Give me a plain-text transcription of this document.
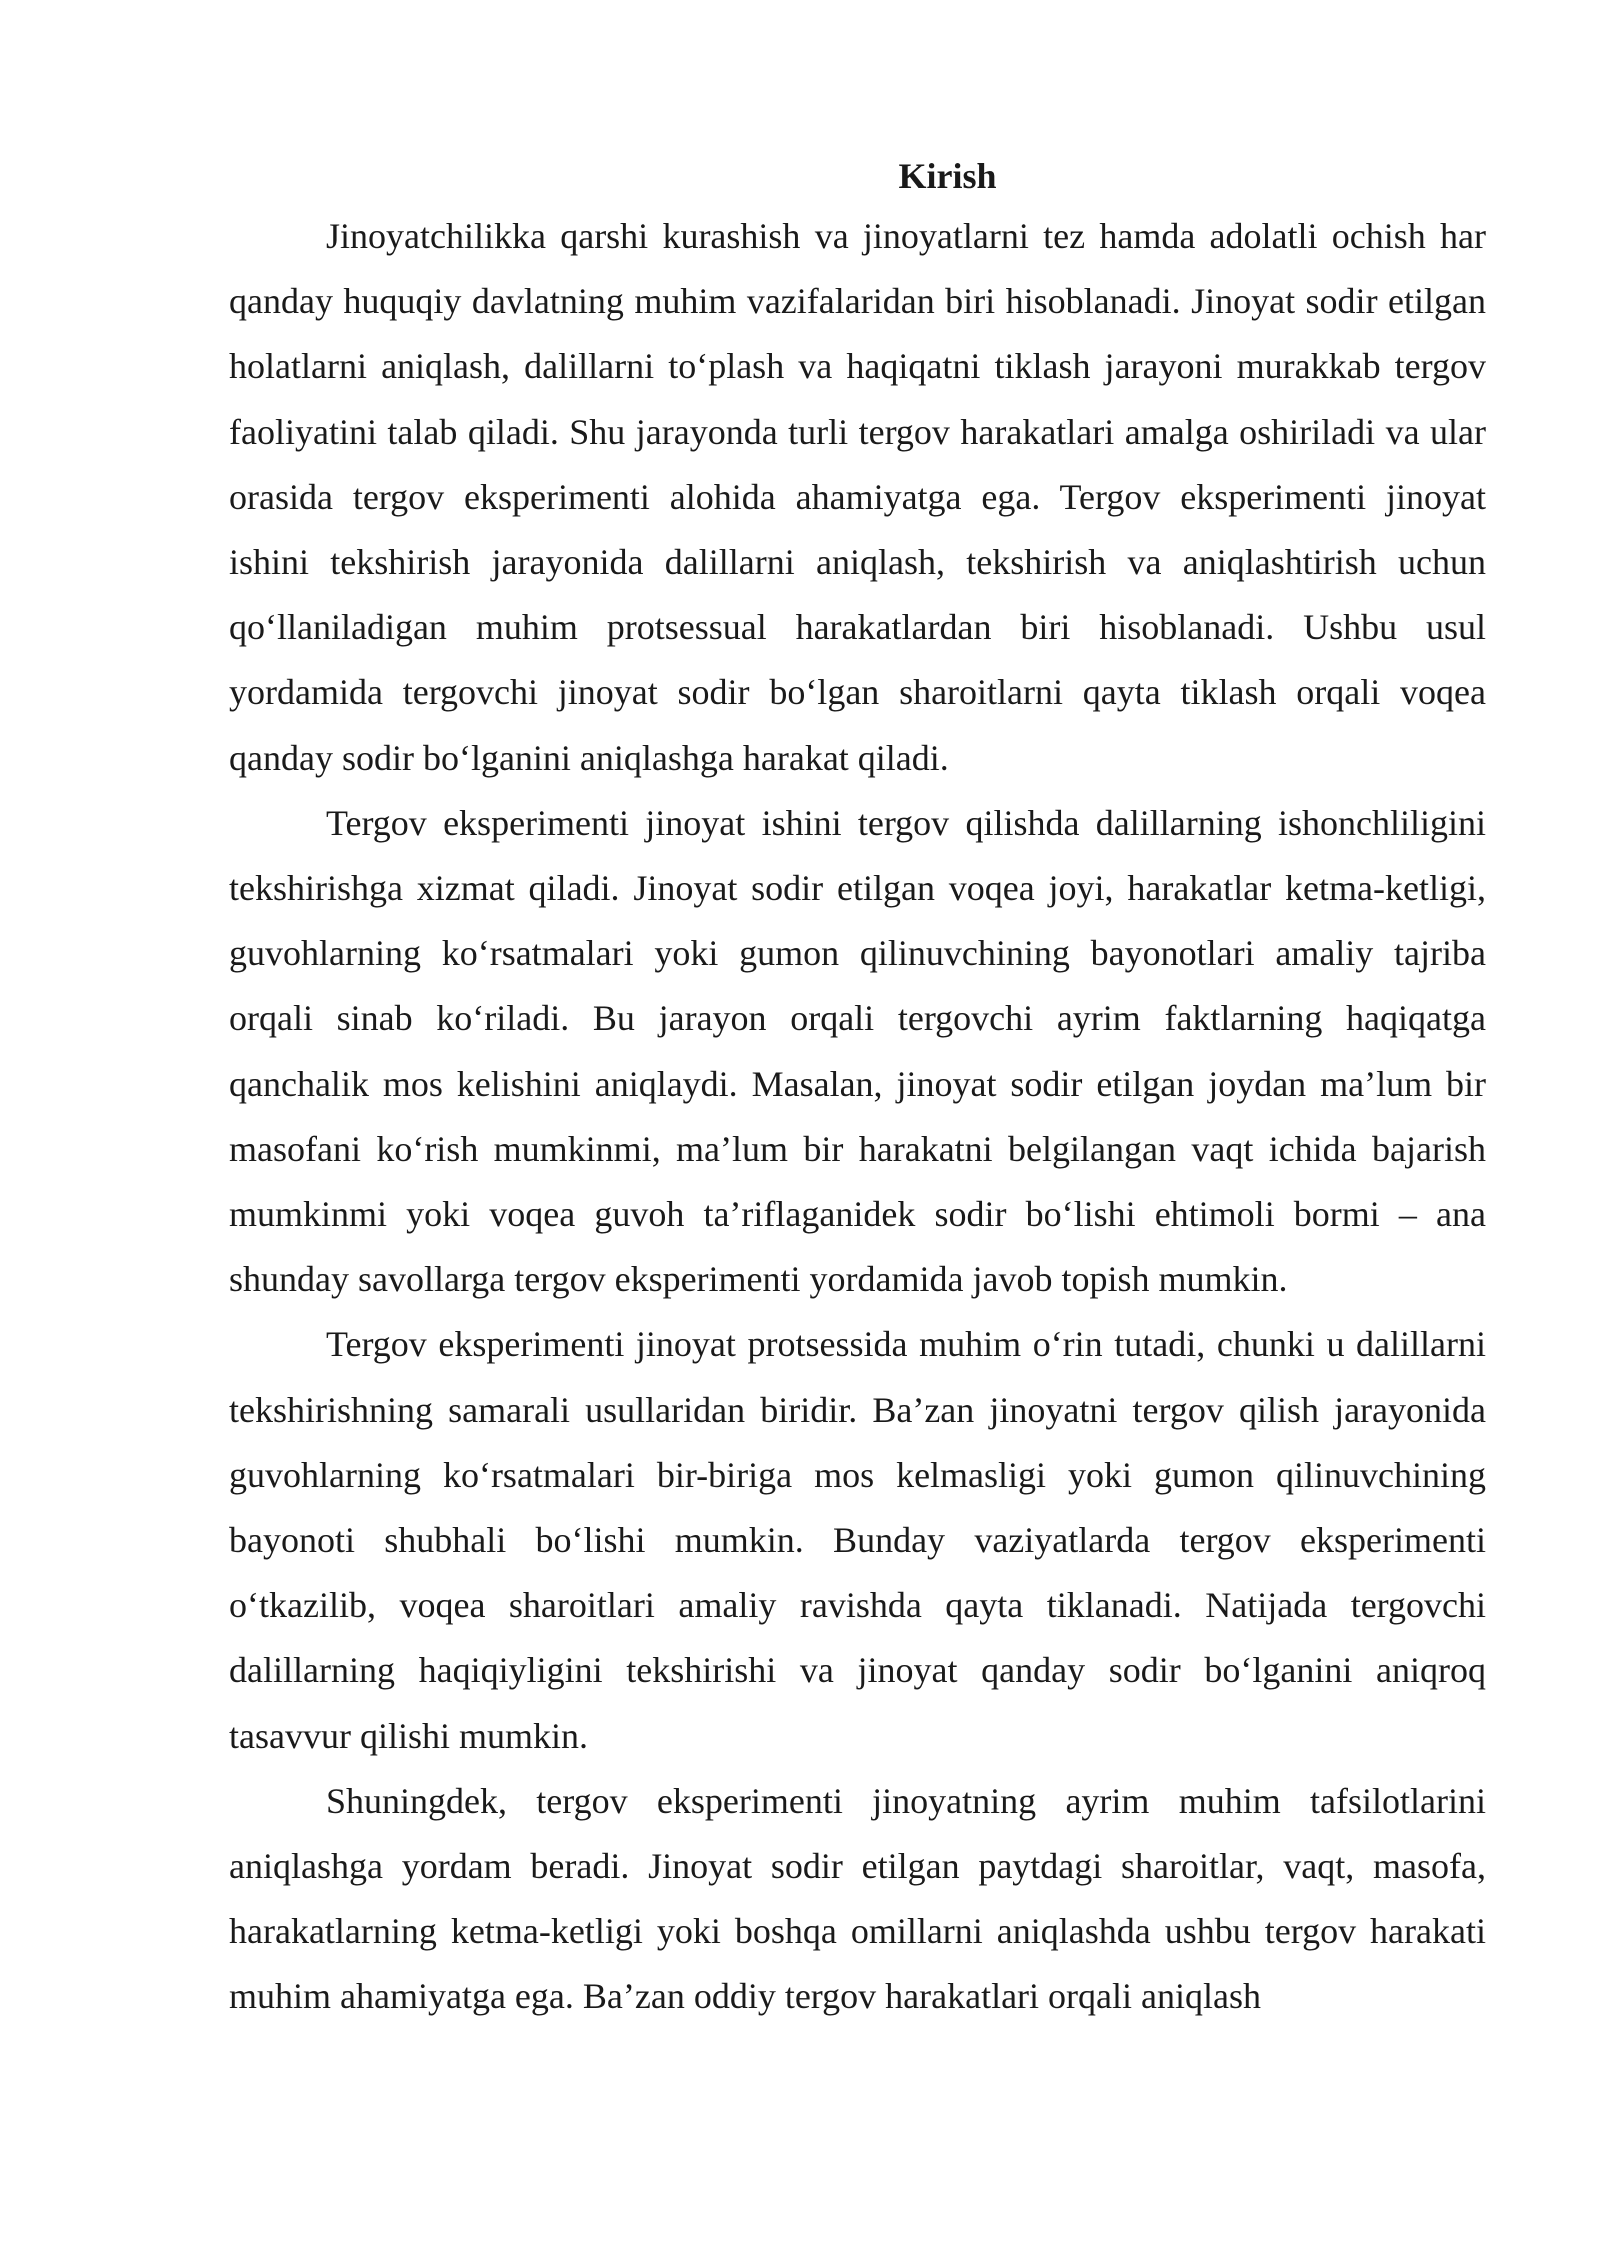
Kirish

Jinoyatchilikka qarshi kurashish va jinoyatlarni tez hamda adolatli ochish har qanday huquqiy davlatning muhim vazifalaridan biri hisoblanadi. Jinoyat sodir etilgan holatlarni aniqlash, dalillarni to‘plash va haqiqatni tiklash jarayoni murakkab tergov faoliyatini talab qiladi. Shu jarayonda turli tergov harakatlari amalga oshiriladi va ular orasida tergov eksperimenti alohida ahamiyatga ega. Tergov eksperimenti jinoyat ishini tekshirish jarayonida dalillarni aniqlash, tekshirish va aniqlashtirish uchun qo‘llaniladigan muhim protsessual harakatlardan biri hisoblanadi. Ushbu usul yordamida tergovchi jinoyat sodir bo‘lgan sharoitlarni qayta tiklash orqali voqea qanday sodir bo‘lganini aniqlashga harakat qiladi.

Tergov eksperimenti jinoyat ishini tergov qilishda dalillarning ishonchliligini tekshirishga xizmat qiladi. Jinoyat sodir etilgan voqea joyi, harakatlar ketma-ketligi, guvohlarning ko‘rsatmalari yoki gumon qilinuvchining bayonotlari amaliy tajriba orqali sinab ko‘riladi. Bu jarayon orqali tergovchi ayrim faktlarning haqiqatga qanchalik mos kelishini aniqlaydi. Masalan, jinoyat sodir etilgan joydan ma’lum bir masofani ko‘rish mumkinmi, ma’lum bir harakatni belgilangan vaqt ichida bajarish mumkinmi yoki voqea guvoh ta’riflaganidek sodir bo‘lishi ehtimoli bormi – ana shunday savollarga tergov eksperimenti yordamida javob topish mumkin.

Tergov eksperimenti jinoyat protsessida muhim o‘rin tutadi, chunki u dalillarni tekshirishning samarali usullaridan biridir. Ba’zan jinoyatni tergov qilish jarayonida guvohlarning ko‘rsatmalari bir-biriga mos kelmasligi yoki gumon qilinuvchining bayonoti shubhali bo‘lishi mumkin. Bunday vaziyatlarda tergov eksperimenti o‘tkazilib, voqea sharoitlari amaliy ravishda qayta tiklanadi. Natijada tergovchi dalillarning haqiqiyligini tekshirishi va jinoyat qanday sodir bo‘lganini aniqroq tasavvur qilishi mumkin.

Shuningdek, tergov eksperimenti jinoyatning ayrim muhim tafsilotlarini aniqlashga yordam beradi. Jinoyat sodir etilgan paytdagi sharoitlar, vaqt, masofa, harakatlarning ketma-ketligi yoki boshqa omillarni aniqlashda ushbu tergov harakati muhim ahamiyatga ega. Ba’zan oddiy tergov harakatlari orqali aniqlash
